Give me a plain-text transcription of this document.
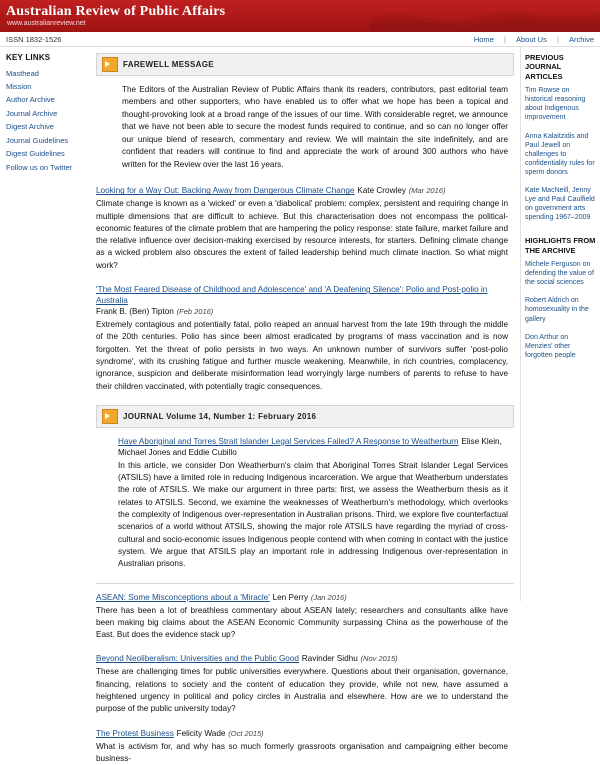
Australian Review of Public Affairs
www.australianreview.net
ISSN 1832-1526	Home | About Us | Archive
KEY LINKS
Masthead
Mission
Author Archive
Journal Archive
Digest Archive
Journal Guidelines
Digest Guidelines
Follow us on Twitter
FAREWELL MESSAGE

The Editors of the Australian Review of Public Affairs thank its readers, contributors, past editorial team members and other supporters, who have enabled us to offer what we hope has been a topical and thought-provoking look at a broad range of the issues of our time. With considerable regret, we announce that we have not been able to secure the modest funds required to continue, and so can no longer offer our unique blend of research, commentary and review. We will maintain the site indefinitely, and are confident that readers will continue to find and appreciate the work of around 300 authors who have written for the Review over the last 16 years.

Looking for a Way Out: Backing Away from Dangerous Climate Change Kate Crowley (Mar 2016)

Climate change is known as a 'wicked' or even a 'diabolical' problem: complex, persistent and requiring change in multiple dimensions that are difficult to achieve. But this characterisation does not encompass the political-economic features of the climate problem that are hampering the policy response: state failure, market failure and the relative influence over decision-making exercised by resource interests, for starters. Defining climate change as a wicked problem also obscures the extent of failed leadership behind much climate inaction. So what might work?

'The Most Feared Disease of Childhood and Adolescence' and 'A Deafening Silence': Polio and Post-polio in Australia
Frank B. (Ben) Tipton (Feb 2016)

Extremely contagious and potentially fatal, polio reaped an annual harvest from the late 19th through the middle of the 20th centuries. Polio has since been almost eradicated by programs of mass vaccination and is now forgotten. Yet the threat of polio persists in two ways. An unknown number of survivors suffer 'post-polio syndrome', with its crushing fatigue and further muscle weakening. Meanwhile, in rich countries, complacency, ignorance, suspicion and deliberate misinformation lead worryingly large numbers of parents to refuse to have their children vaccinated, with potentially tragic consequences.

JOURNAL Volume 14, Number 1: February 2016
Have Aboriginal and Torres Strait Islander Legal Services Failed? A Response to Weatherburn Elise Klein, Michael Jones and Eddie Cubillo

In this article, we consider Don Weatherburn's claim that Aboriginal Torres Strait Islander Legal Services (ATSILS) have a limited role in reducing Indigenous incarceration. We argue that Weatherburn understates the role of ATSILS. We make our argument in three parts: first, we assess the Weatherburn thesis as it relates to ATSILS. Second, we examine the weaknesses of Weatherburn's methodology, which overlooks the complexity of Indigenous over-representation in Australian prisons. Third, we explore five counterfactual scenarios of a world without ATSILS, showing the major role ATSILS have regarding the myriad of cross-cultural and socio-economic issues Indigenous people contend with when coming in contact with the justice system. We argue that ATSILS play an important role in addressing Indigenous over-representation in Australian prisons.

ASEAN: Some Misconceptions about a 'Miracle' Len Perry (Jan 2016)

There has been a lot of breathless commentary about ASEAN lately; researchers and consultants alike have been making big claims about the ASEAN Economic Community surpassing China as the powerhouse of the East. But does the evidence stack up?

Beyond Neoliberalism: Universities and the Public Good Ravinder Sidhu (Nov 2015)

These are challenging times for public universities everywhere. Questions about their organisation, governance, financing, relations to society and the content of education they provide, while not new, have assumed a heightened urgency in political and policy circles in Australia and elsewhere. How are we to understand the purpose of the public university today?

The Protest Business Felicity Wade (Oct 2015)

What is activism for, and why has so much formerly grassroots organisation and campaigning either become business-

PREVIOUS JOURNAL ARTICLES
Tim Rowse on historical reasoning about Indigenous improvement
Anna Kalaitzidis and Paul Jewell on challenges to confidentiality rules for sperm donors
Kate MacNeill, Jenny Lye and Paul Caulfield on government arts spending 1967–2009
HIGHLIGHTS FROM THE ARCHIVE
Michele Ferguson on defending the value of the social sciences
Robert Aldrich on homosexuality in the gallery
Don Arthur on Menzies' other forgotten people
